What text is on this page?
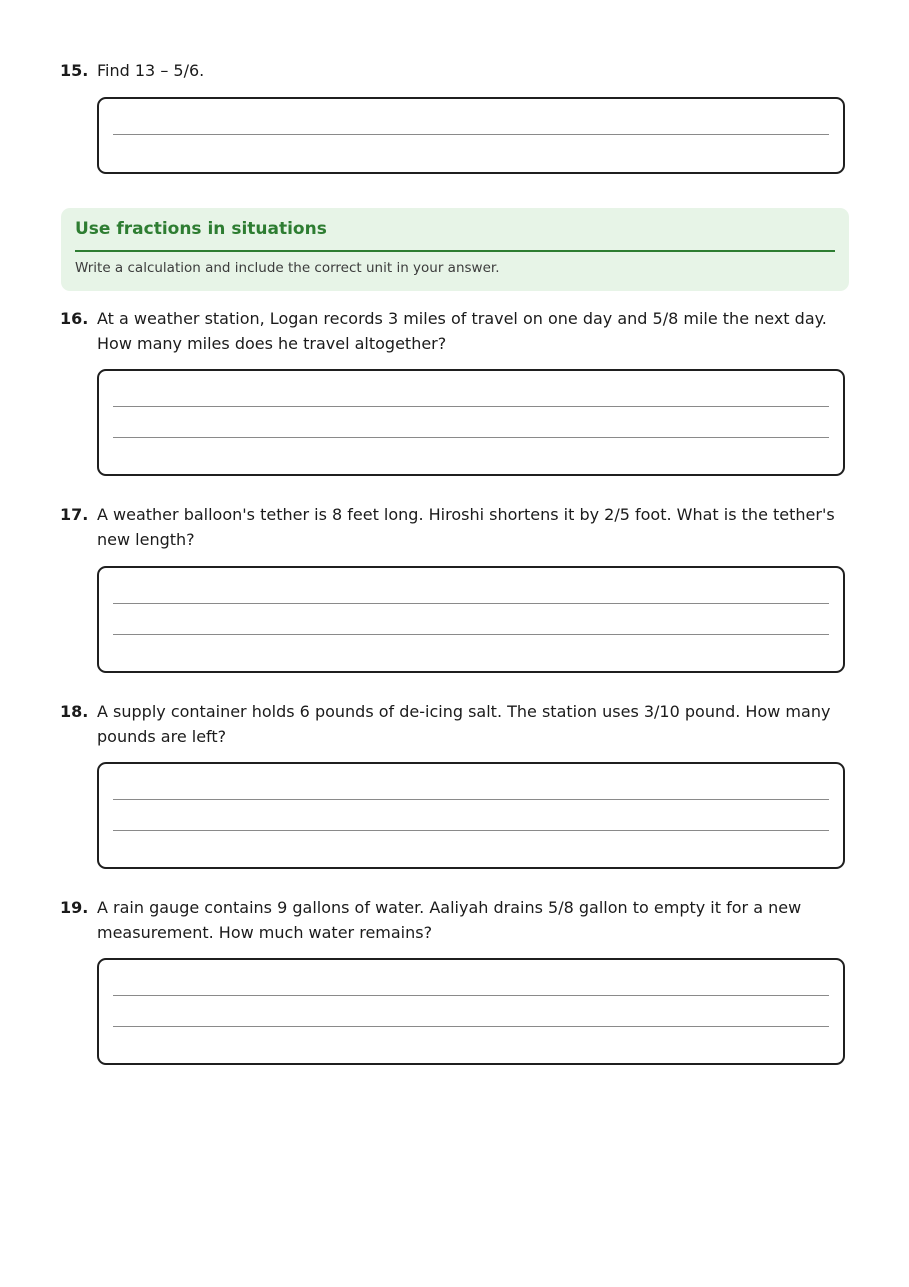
15. Find 13 – 5/6.
Use fractions in situations
Write a calculation and include the correct unit in your answer.
16. At a weather station, Logan records 3 miles of travel on one day and 5/8 mile the next day. How many miles does he travel altogether?
17. A weather balloon's tether is 8 feet long. Hiroshi shortens it by 2/5 foot. What is the tether's new length?
18. A supply container holds 6 pounds of de-icing salt. The station uses 3/10 pound. How many pounds are left?
19. A rain gauge contains 9 gallons of water. Aaliyah drains 5/8 gallon to empty it for a new measurement. How much water remains?
